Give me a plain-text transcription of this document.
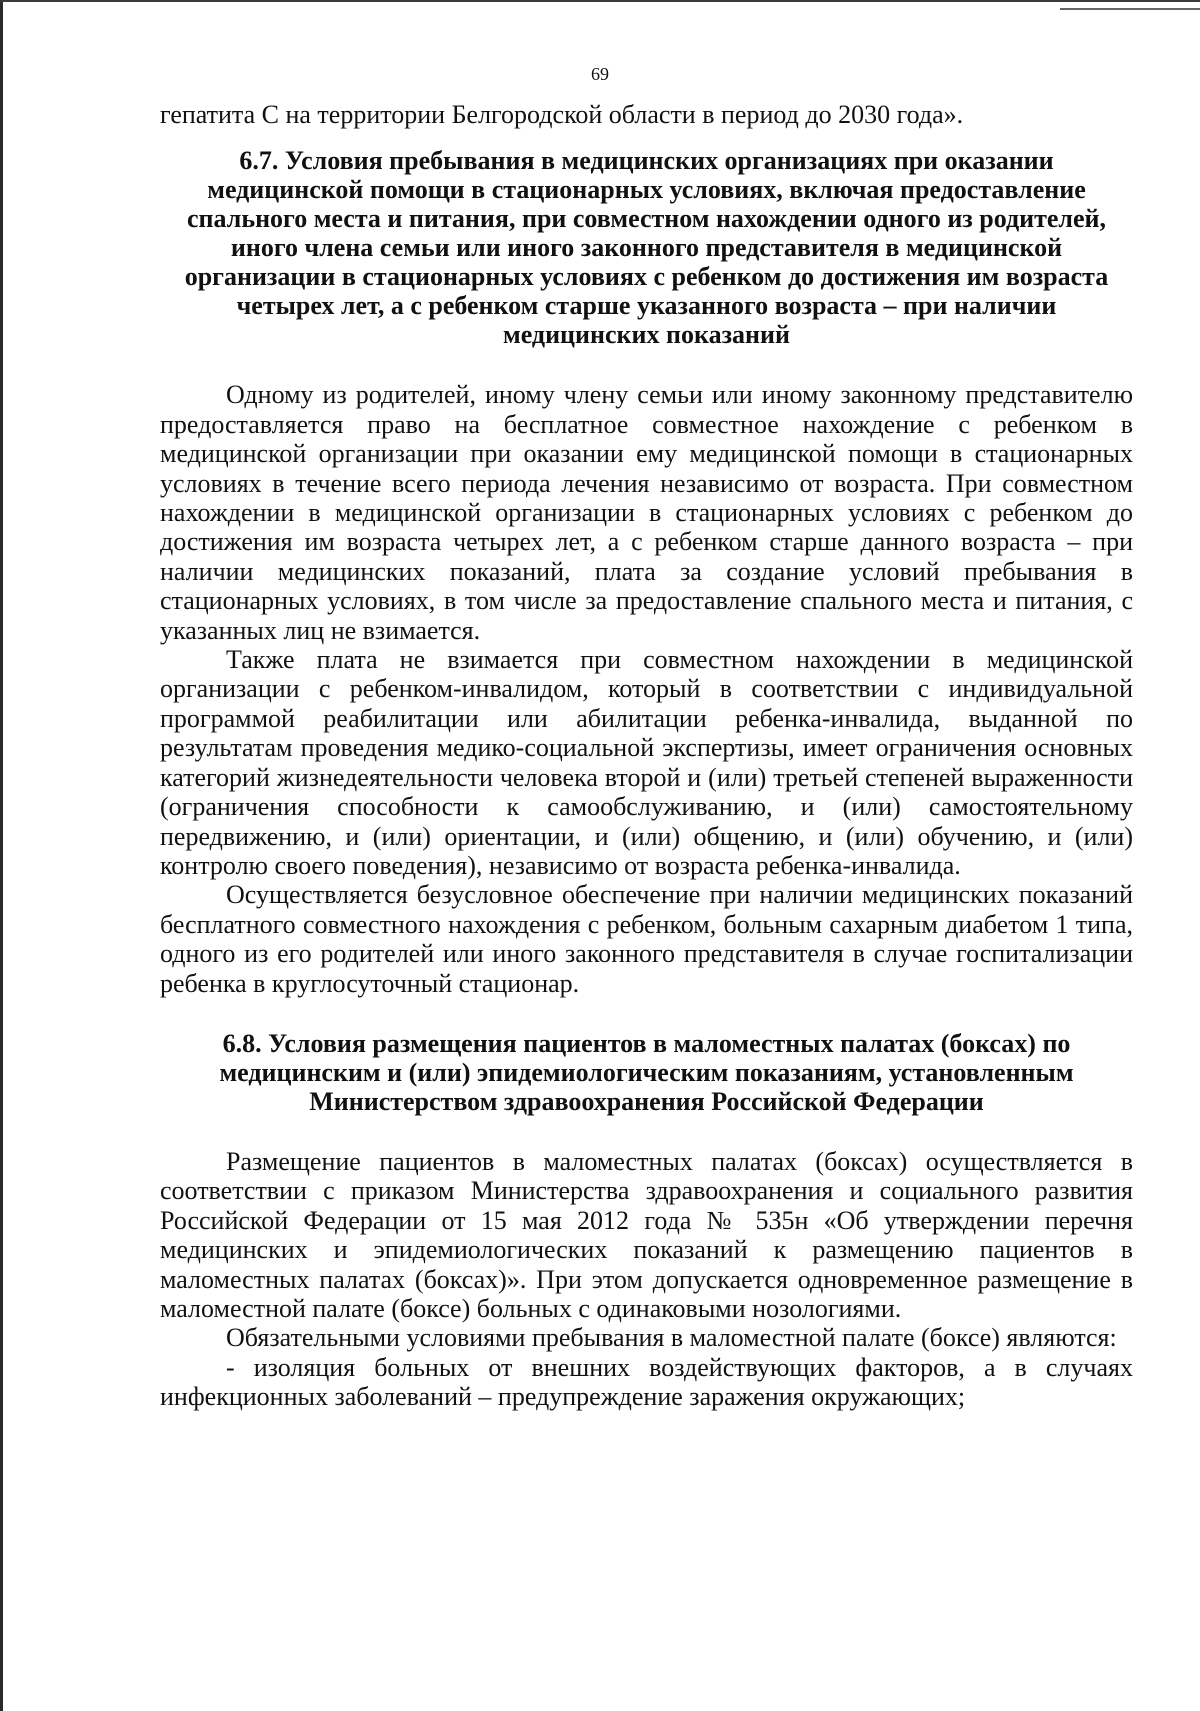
69

гепатита С на территории Белгородской области в период до 2030 года».

6.7. Условия пребывания в медицинских организациях при оказании медицинской помощи в стационарных условиях, включая предоставление спального места и питания, при совместном нахождении одного из родителей, иного члена семьи или иного законного представителя в медицинской организации в стационарных условиях с ребенком до достижения им возраста четырех лет, а с ребенком старше указанного возраста – при наличии медицинских показаний

Одному из родителей, иному члену семьи или иному законному представителю предоставляется право на бесплатное совместное нахождение с ребенком в медицинской организации при оказании ему медицинской помощи в стационарных условиях в течение всего периода лечения независимо от возраста. При совместном нахождении в медицинской организации в стационарных условиях с ребенком до достижения им возраста четырех лет, а с ребенком старше данного возраста – при наличии медицинских показаний, плата за создание условий пребывания в стационарных условиях, в том числе за предоставление спального места и питания, с указанных лиц не взимается.

Также плата не взимается при совместном нахождении в медицинской организации с ребенком-инвалидом, который в соответствии с индивидуальной программой реабилитации или абилитации ребенка-инвалида, выданной по результатам проведения медико-социальной экспертизы, имеет ограничения основных категорий жизнедеятельности человека второй и (или) третьей степеней выраженности (ограничения способности к самообслуживанию, и (или) самостоятельному передвижению, и (или) ориентации, и (или) общению, и (или) обучению, и (или) контролю своего поведения), независимо от возраста ребенка-инвалида.

Осуществляется безусловное обеспечение при наличии медицинских показаний бесплатного совместного нахождения с ребенком, больным сахарным диабетом 1 типа, одного из его родителей или иного законного представителя в случае госпитализации ребенка в круглосуточный стационар.

6.8. Условия размещения пациентов в маломестных палатах (боксах) по медицинским и (или) эпидемиологическим показаниям, установленным Министерством здравоохранения Российской Федерации

Размещение пациентов в маломестных палатах (боксах) осуществляется в соответствии с приказом Министерства здравоохранения и социального развития Российской Федерации от 15 мая 2012 года № 535н «Об утверждении перечня медицинских и эпидемиологических показаний к размещению пациентов в маломестных палатах (боксах)». При этом допускается одновременное размещение в маломестной палате (боксе) больных с одинаковыми нозологиями.

Обязательными условиями пребывания в маломестной палате (боксе) являются:

- изоляция больных от внешних воздействующих факторов, а в случаях инфекционных заболеваний – предупреждение заражения окружающих;
